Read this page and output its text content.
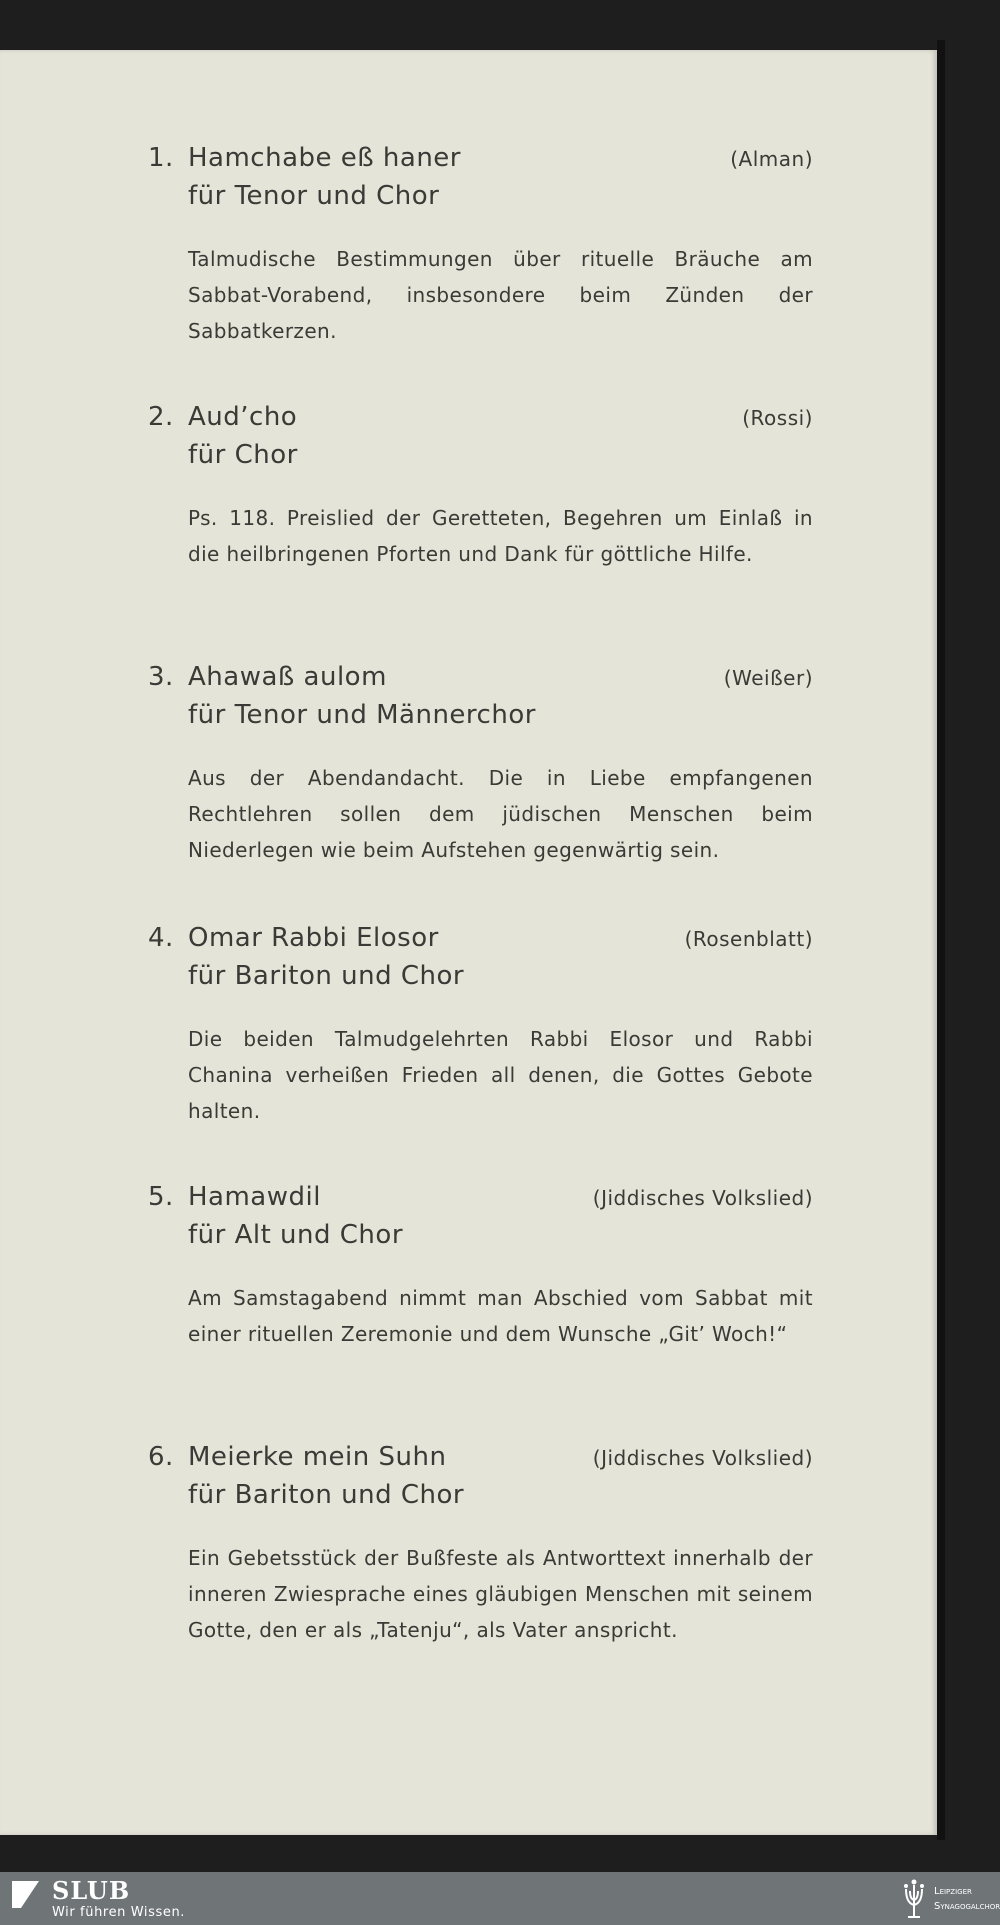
1. Hamchabe eß haner	(Alman)
für Tenor und Chor
Talmudische Bestimmungen über rituelle Bräuche am Sabbat-Vorabend, insbesondere beim Zünden der Sabbatkerzen.
2. Aud’cho	(Rossi)
für Chor
Ps. 118. Preislied der Geretteten, Begehren um Einlaß in die heilbringenen Pforten und Dank für göttliche Hilfe.
3. Ahawaß aulom	(Weißer)
für Tenor und Männerchor
Aus der Abendandacht. Die in Liebe empfangenen Rechtlehren sollen dem jüdischen Menschen beim Niederlegen wie beim Aufstehen gegenwärtig sein.
4. Omar Rabbi Elosor	(Rosenblatt)
für Bariton und Chor
Die beiden Talmudgelehrten Rabbi Elosor und Rabbi Chanina verheißen Frieden all denen, die Gottes Gebote halten.
5. Hamawdil	(Jiddisches Volkslied)
für Alt und Chor
Am Samstagabend nimmt man Abschied vom Sabbat mit einer rituellen Zeremonie und dem Wunsche „Git’ Woch!“
6. Meierke mein Suhn	(Jiddisches Volkslied)
für Bariton und Chor
Ein Gebetsstück der Bußfeste als Antworttext innerhalb der inneren Zwiesprache eines gläubigen Menschen mit seinem Gotte, den er als „Tatenju“, als Vater anspricht.
SLUB
Wir führen Wissen.
Leipziger
Synagogalchor
